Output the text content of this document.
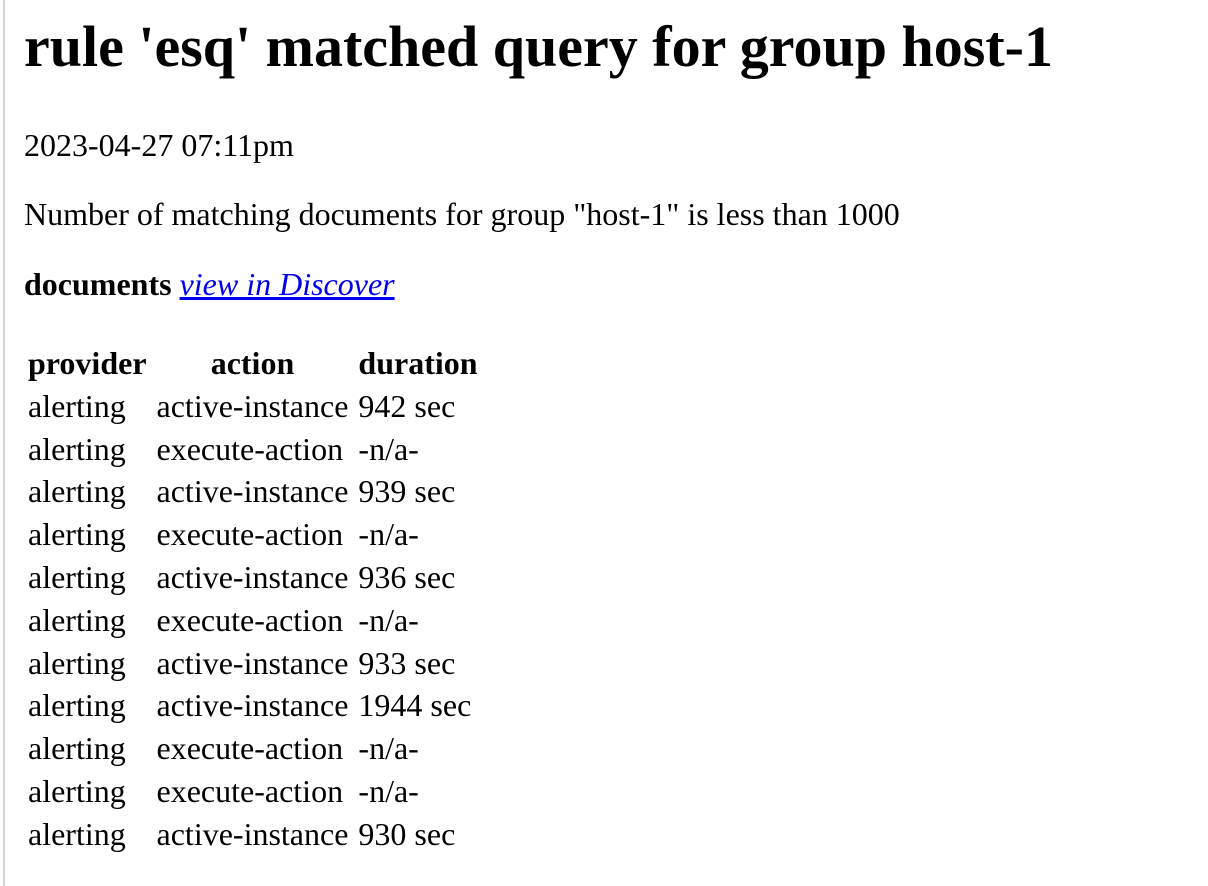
rule 'esq' matched query for group host-1

2023-04-27 07:11pm

Number of matching documents for group "host-1" is less than 1000

documents view in Discover

provider	action	duration
alerting	active-instance	942 sec
alerting	execute-action	-n/a-
alerting	active-instance	939 sec
alerting	execute-action	-n/a-
alerting	active-instance	936 sec
alerting	execute-action	-n/a-
alerting	active-instance	933 sec
alerting	active-instance	1944 sec
alerting	execute-action	-n/a-
alerting	execute-action	-n/a-
alerting	active-instance	930 sec
